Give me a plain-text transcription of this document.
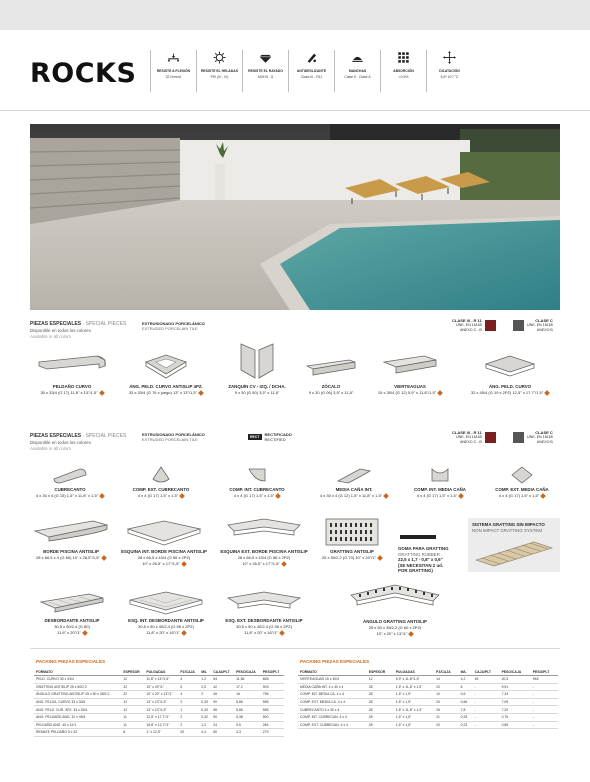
ROCKS	RESISTE A FLEXIÓN
32 N/mm2
RESISTE EL HELADAS
PEI (III - IV)
RESISTE EL RAYADO
MOHS - 8
ANTIDESLIZANTE
Clase III - R11
MANCHAS
Clase 5 - Clase A
ABSORCIÓN
<0,5%
DILATACIÓN
6,5* 10"/ °C
PIEZAS ESPECIALES · SPECIAL PIECES
Disponible en todos los colores
Available in all colors
EXTRUSIONADO PORCELÁNICO
EXTRUDED PORCELAIN TILE
CLASE III - R 11
UNE- EN 16165
ANEXO C - B
CLASE C
UNE- EN 16165
ANEXO B
PELDAÑO CURVO
30 x 33/4 (G 17) 11,8" x 13"/1,5"
ÁNG. PELD. CURVO ANTISLIP 4PZ.
33 x 33/4 (G 76 x juego) 13" x 13"/1,5"
ZANQUÍN CV - IZQ. / DCHA.
9 x 30 (G 50) 3,5" x 11,8"
ZÓCALO
9 x 30 (G 06) 3,5" x 11,8"
VIERTEAGUAS
15 x 30/4 (G 12) 5,9" x 11,8"/1,5"
ÁNG. PELD. CURVO
32 x 45/4 (G 19 x 2PZ) 12,5" x 17,7"/1,5"
PIEZAS ESPECIALES · SPECIAL PIECES
Disponible en todos los colores
Available in all colors
EXTRUSIONADO PORCELÁNICO
EXTRUDED PORCELAIN TILE	RECT	RECTIFICADO
RECTIFIED
CLASE III - R 11
UNE- EN 16165
ANEXO C - B
CLASE C
UNE- EN 16165
ANEXO B
CUBRECANTO
4 x 30 x 4 (G 15) 1,5" x 11,8" x 1,5"
COMP. EXT. CUBRECANTO
4 x 4 (G 17) 1,5" x 1,5"
COMP. INT. CUBRECANTO
4 x 4 (G 17) 1,5" x 1,5"
MEDIA CAÑA INT.
4 x 30 x 4 (G 12) 1,5" x 11,8" x 1,5"
COMP. INT. MEDIA CAÑA
4 x 4 (G 17) 1,5" x 1,5"
COMP. EXT. MEDIA CAÑA
4 x 4 (G 17) 1,5" x 1,5"
BORDE PISCINA ANTISLIP
28 x 66,5 x 4 (G 80) 10" x 26,5"/1,5"
ESQUINA INT. BORDE PISCINA ANTISLIP
28 x 66,5 x 43/4 (G 56 x 2PZ)
10" x 26,5" x 17"/1,5"
ESQUINA EXT. BORDE PISCINA ANTISLIP
28 x 66,5 x 43/4 (G 56 x 2PZ)
10" x 26,5" x 17"/1,5"
GRATTING ANTISLIP
25 x 50/2,2 (G 70) 10" x 20"/1"
GOMA PARA GRATTING
GRATTING RUBBER
22,5 x 1,7 - 0,8" x 0,6"
(SE NECESITAN 2 ud.
POR GRATTING)
SISTEMA GRATTING SIN IMPACTO
NON IMPACT GRATTING SYSTEM
DESBORDANTE ANTISLIP
30,5 x 50/2,4 (G 80)
11,8" x 20"/1"
ESQ. INT. DESBORDANTE ANTISLIP
30,5 x 50 x 40/2,4 (G 56 x 2PZ)
11,8" x 20" x 16"/1"
ESQ. EXT. DESBORDANTE ANTISLIP
30,5 x 50 x 40/2,4 (G 56 x 2PZ)
11,8" x 20" x 16"/1"
ÁNGULO GRATTING ANTISLIP
25 x 50 x 35/2,2 (G 60 x 2PZ)
10" x 20" x 13"/1"
PACKING PIEZAS ESPECIALES
FORMATO	ESPESOR	PULGADAS	PZ/CAJA	M/L	CAJA/PLT	PESO/CAJA	PESO/PLT
PELD. CURVO 30 x 33/4	12	11,8" x 13"/1,5"	4	1,2	54	11,56	668
GRATTING ANTISLIP 25 x 50/2,2	22	10" x 20"/1"	5	2,5	42	17,2	903
ÁNGULO GRATTING ANTISLIP 25 x 50 x 35/2,2	22	10" x 20" x 13"/1"	4	2	45	16	755
ANG. PELDA. CURVO 33 x 33/4	12	13" x 13"/1,5"	2	0,33	90	5,86	555
ANG. PELD. CUR. 4PZ. 33 x 33/4	12	13" x 13"/1,5"	1	0,33	96	5,86	555
ANG. PELDAÑO ANG. 32 x 45/4	11	12,5" x 17,7"/1"	2	0,32	90	5,38	500
PELDAÑO ANG. 40 x 12/1	11	15,8" x 12,7"/1"	2	1,2	24	9,6	284
REMATE PELDAÑO 5 x 32	8	1" x 12,5"	20	4,4	60	3,3	279
PACKING PIEZAS ESPECIALES
FORMATO	ESPESOR	PULGADAS	PZ/CAJA	M/L	CAJA/PLT	PESO/CAJA	PESO/PLT
VIERTEAGUAS 15 x 30/4	12	5,9" x 11,8"/1,5"	14	4,2	45	20,3	946
MEDIA CAÑA INT. 4 x 30 x 4	28	1,5" x 11,8" x 1,5"	20	6	-	9,91	-
COMP. INT. MEDIA CA. 4 x 4	28	1,5" x 1,5"	10	0,6	-	7,34	-
COMP. EXT. MEDIA CA. 4 x 4	28	1,5" x 1,5"	20	0,66	-	7,09	-
CUBRECANTO 4 x 30 x 4	28	1,5" x 11,8" x 1,5"	26	7,8	-	7,20	-
COMP. INT. CUBRECAN. 4 x 4	28	1,5" x 1,5"	21	0,25	-	0,75	-
COMP. EXT. CUBRECAN. 4 x 4	28	1,5" x 1,5"	20	0,23	-	0,85	-
